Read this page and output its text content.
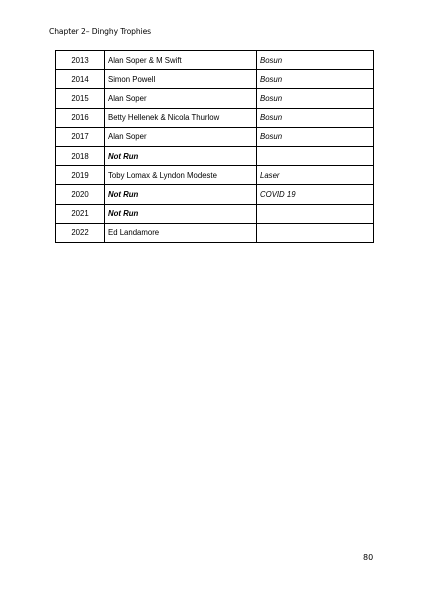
Chapter 2– Dinghy Trophies
2013	Alan Soper & M Swift	Bosun
2014	Simon Powell	Bosun
2015	Alan Soper	Bosun
2016	Betty Hellenek & Nicola Thurlow	Bosun
2017	Alan Soper	Bosun
2018	Not Run	
2019	Toby Lomax & Lyndon Modeste	Laser
2020	Not Run	COVID 19
2021	Not Run	
2022	Ed Landamore	
80
